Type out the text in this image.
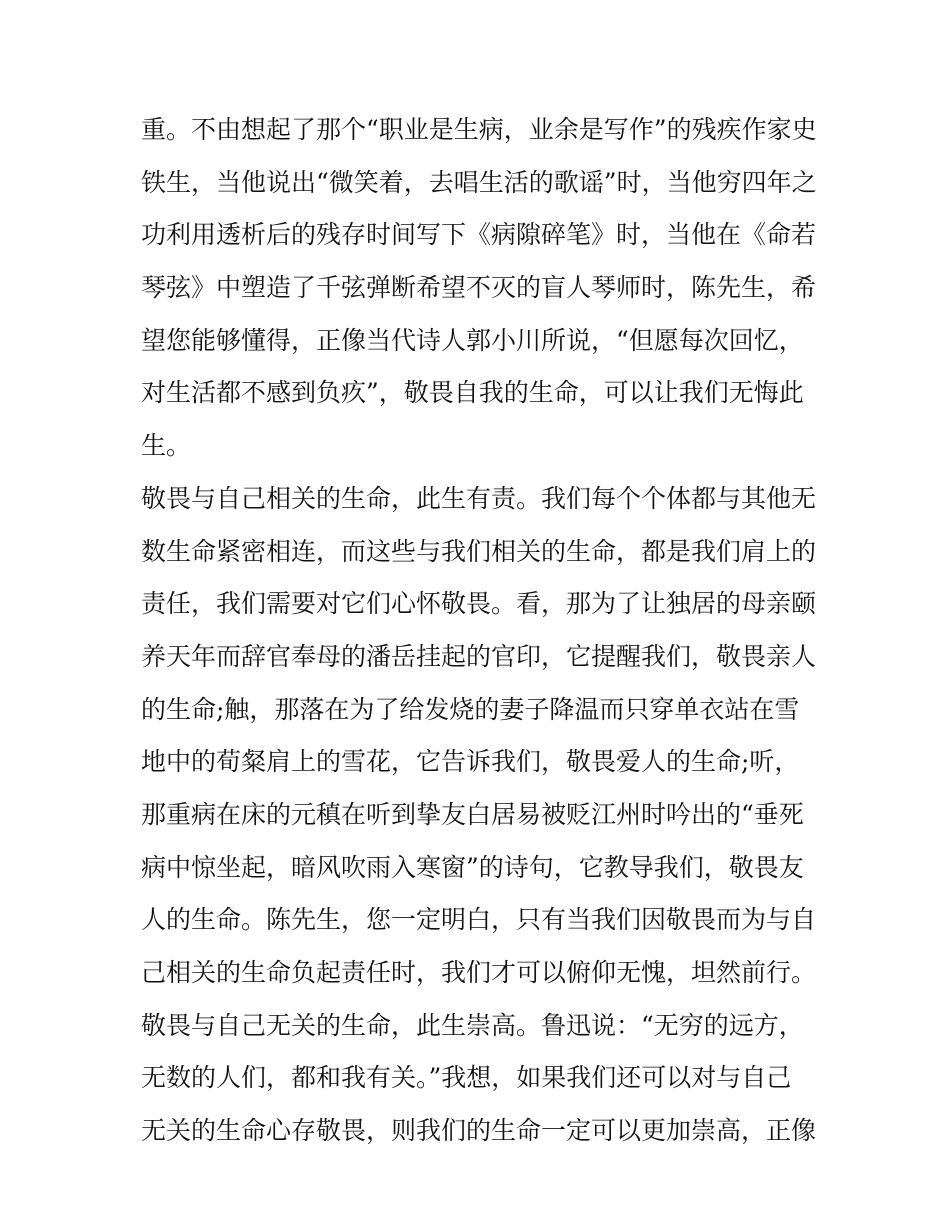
重。不由想起了那个“职业是生病，业余是写作”的残疾作家史
铁生，当他说出“微笑着，去唱生活的歌谣”时，当他穷四年之
功利用透析后的残存时间写下《病隙碎笔》时，当他在《命若
琴弦》中塑造了千弦弹断希望不灭的盲人琴师时，陈先生，希
望您能够懂得，正像当代诗人郭小川所说，“但愿每次回忆，
对生活都不感到负疚”，敬畏自我的生命，可以让我们无悔此
生。
敬畏与自己相关的生命，此生有责。我们每个个体都与其他无
数生命紧密相连，而这些与我们相关的生命，都是我们肩上的
责任，我们需要对它们心怀敬畏。看，那为了让独居的母亲颐
养天年而辞官奉母的潘岳挂起的官印，它提醒我们，敬畏亲人
的生命;触，那落在为了给发烧的妻子降温而只穿单衣站在雪
地中的荀粲肩上的雪花，它告诉我们，敬畏爱人的生命;听，
那重病在床的元稹在听到挚友白居易被贬江州时吟出的“垂死
病中惊坐起，暗风吹雨入寒窗”的诗句，它教导我们，敬畏友
人的生命。陈先生，您一定明白，只有当我们因敬畏而为与自
己相关的生命负起责任时，我们才可以俯仰无愧，坦然前行。
敬畏与自己无关的生命，此生崇高。鲁迅说：“无穷的远方，
无数的人们，都和我有关。”我想，如果我们还可以对与自己
无关的生命心存敬畏，则我们的生命一定可以更加崇高，正像
